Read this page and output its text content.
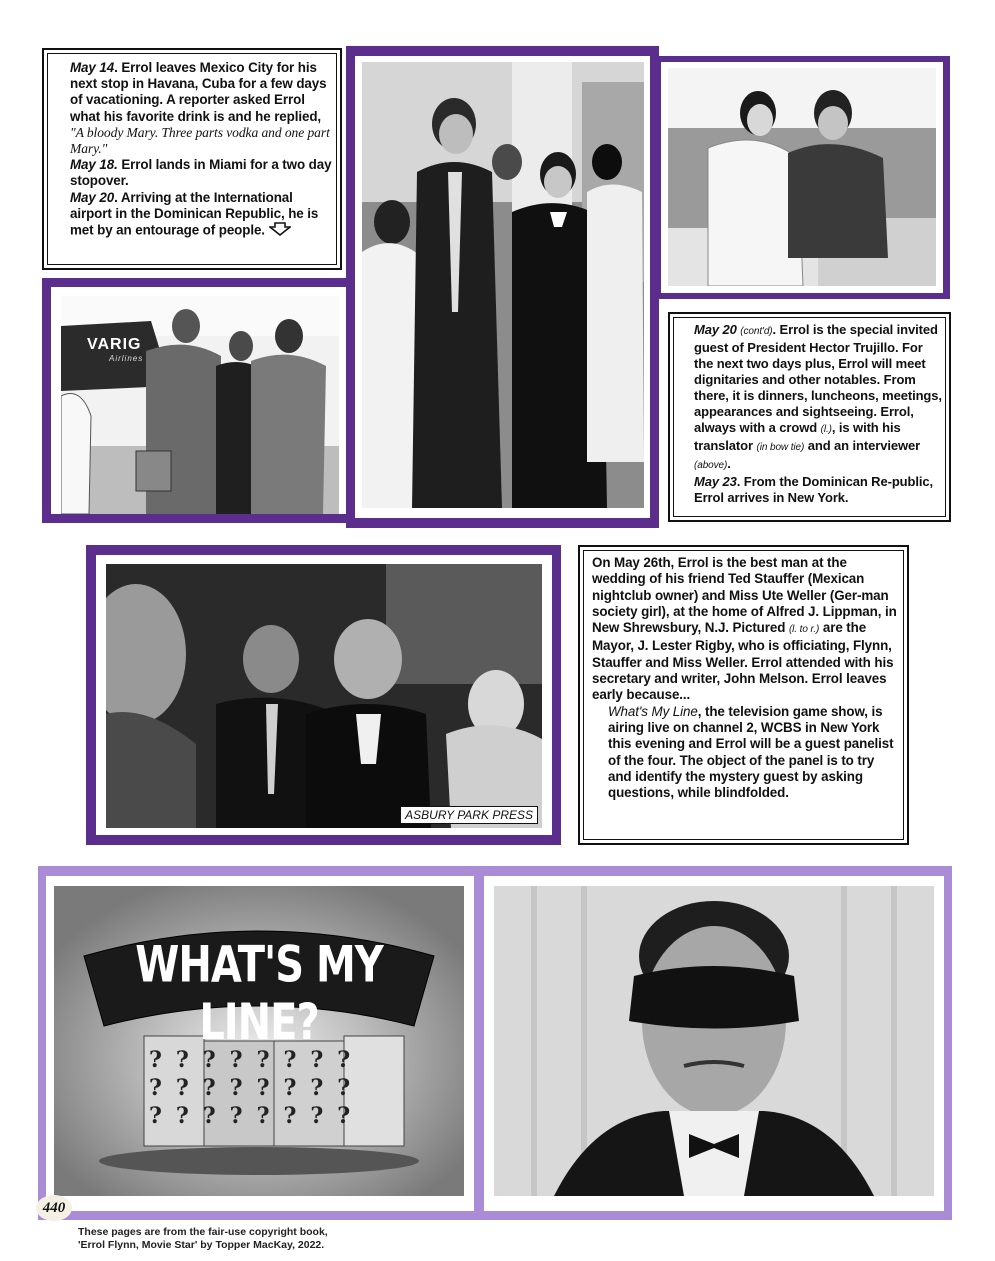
May 14. Errol leaves Mexico City for his next stop in Havana, Cuba for a few days of vacationing. A reporter asked Errol what his favorite drink is and he replied, "A bloody Mary. Three parts vodka and one part Mary."

May 18. Errol lands in Miami for a two day stopover.

May 20. Arriving at the International airport in the Dominican Republic, he is met by an entourage of people.

VARIG
Airlines

May 20 (cont'd). Errol is the special invited guest of President Hector Trujillo. For the next two days plus, Errol will meet dignitaries and other notables. From there, it is dinners, luncheons, meetings, appearances and sightseeing. Errol, always with a crowd (l.), is with his translator (in bow tie) and an interviewer (above).

May 23. From the Dominican Re-public, Errol arrives in New York.

ASBURY PARK PRESS

On May 26th, Errol is the best man at the wedding of his friend Ted Stauffer (Mexican nightclub owner) and Miss Ute Weller (Ger-man society girl), at the home of Alfred J. Lippman, in New Shrewsbury, N.J. Pictured (l. to r.) are the Mayor, J. Lester Rigby, who is officiating, Flynn, Stauffer and Miss Weller. Errol attended with his secretary and writer, John Melson. Errol leaves early because...

What's My Line, the television game show, is airing live on channel 2, WCBS in New York this evening and Errol will be a guest panelist of the four. The object of the panel is to try and identify the mystery guest by asking questions, while blindfolded.

WHAT'S MY LINE?
????????
????????
????????
440
These pages are from the fair-use copyright book,
'Errol Flynn, Movie Star' by Topper MacKay, 2022.
